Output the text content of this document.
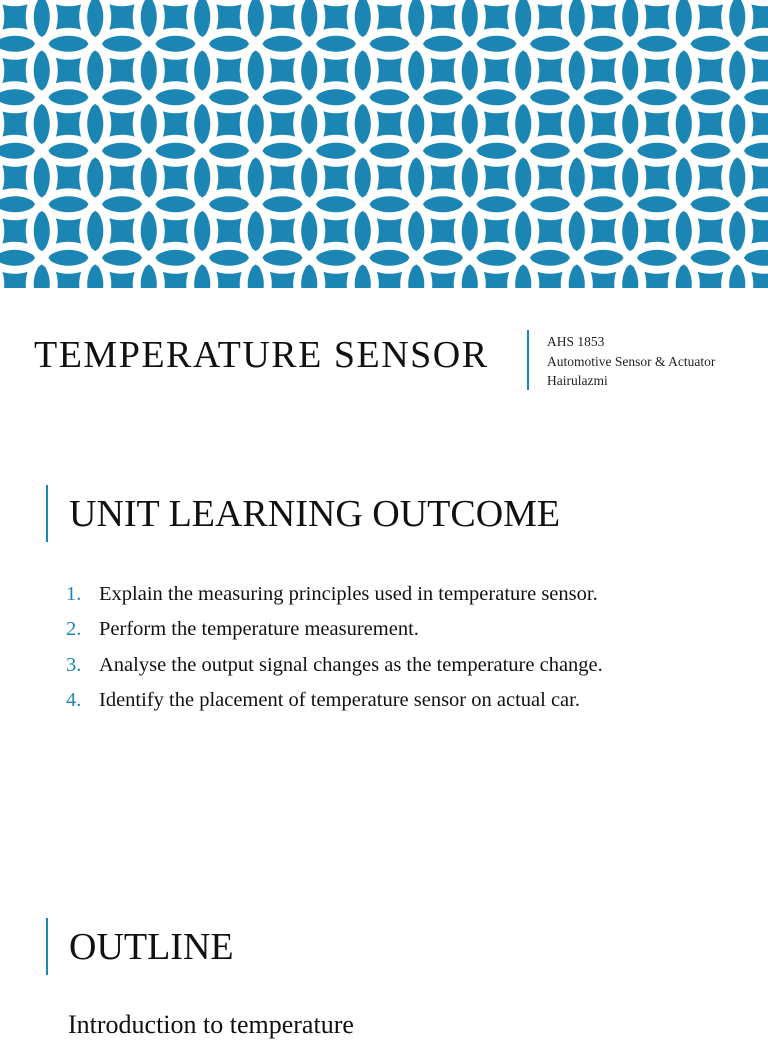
TEMPERATURE SENSOR	AHS 1853
Automotive Sensor & Actuator
Hairulazmi
UNIT LEARNING OUTCOME
1. Explain the measuring principles used in temperature sensor.
2. Perform the temperature measurement.
3. Analyse the output signal changes as the temperature change.
4. Identify the placement of temperature sensor on actual car.
OUTLINE
Introduction to temperature
